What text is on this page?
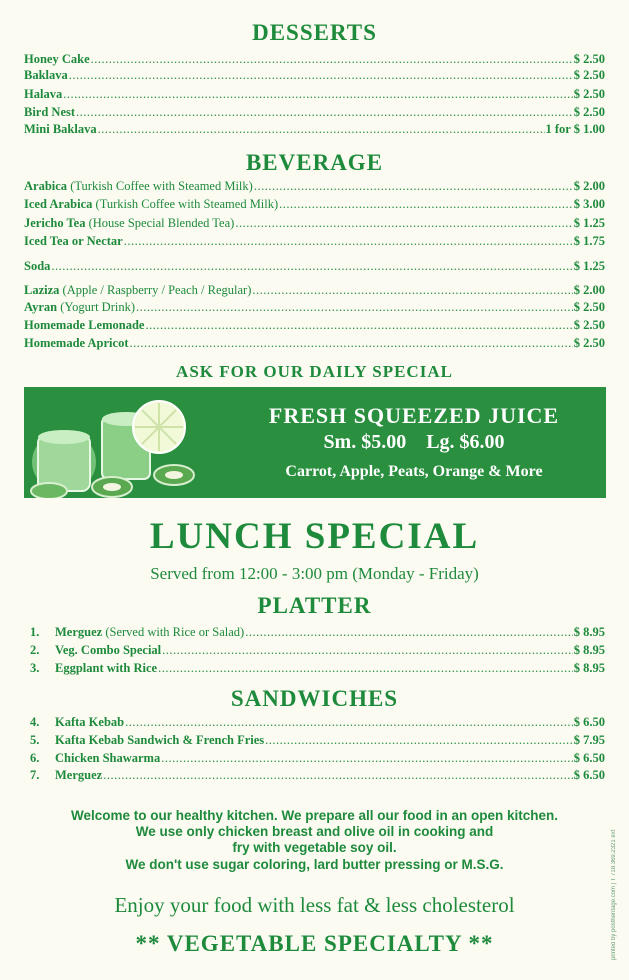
DESSERTS
Honey Cake .....	$ 2.50
Baklava .....	$ 2.50
Halava .....	$ 2.50
Bird Nest .....	$ 2.50
Mini Baklava .....	1 for $ 1.00
BEVERAGE
Arabica (Turkish Coffee with Steamed Milk) .....	$ 2.00
Iced Arabica (Turkish Coffee with Steamed Milk) .....	$ 3.00
Jericho Tea (House Special Blended Tea) .....	$ 1.25
Iced Tea or Nectar .....	$ 1.75
Soda .....	$ 1.25
Laziza (Apple / Raspberry / Peach / Regular) .....	$ 2.00
Ayran (Yogurt Drink) .....	$ 2.50
Homemade Lemonade .....	$ 2.50
Homemade Apricot .....	$ 2.50
ASK FOR OUR DAILY SPECIAL
FRESH SQUEEZED JUICE
Sm. $5.00    Lg. $6.00
Carrot, Apple, Peats, Orange & More
LUNCH SPECIAL
Served from 12:00 - 3:00 pm (Monday - Friday)
PLATTER
1. Merguez (Served with Rice or Salad) .....	$ 8.95
2. Veg. Combo Special .....	$ 8.95
3. Eggplant with Rice .....	$ 8.95
SANDWICHES
4. Kafta Kebab .....	$ 6.50
5. Kafta Kebab Sandwich & French Fries .....	$ 7.95
6. Chicken Shawarma .....	$ 6.50
7. Merguez .....	$ 6.50
Welcome to our healthy kitchen. We prepare all our food in an open kitchen.
We use only chicken breast and olive oil in cooking and
fry with vegetable soy oil.
We don't use sugar coloring, lard butter pressing or M.S.G.
Enjoy your food with less fat & less cholesterol
** VEGETABLE SPECIALTY **	printed by postheritage.com | T 718.369.2321 ext
